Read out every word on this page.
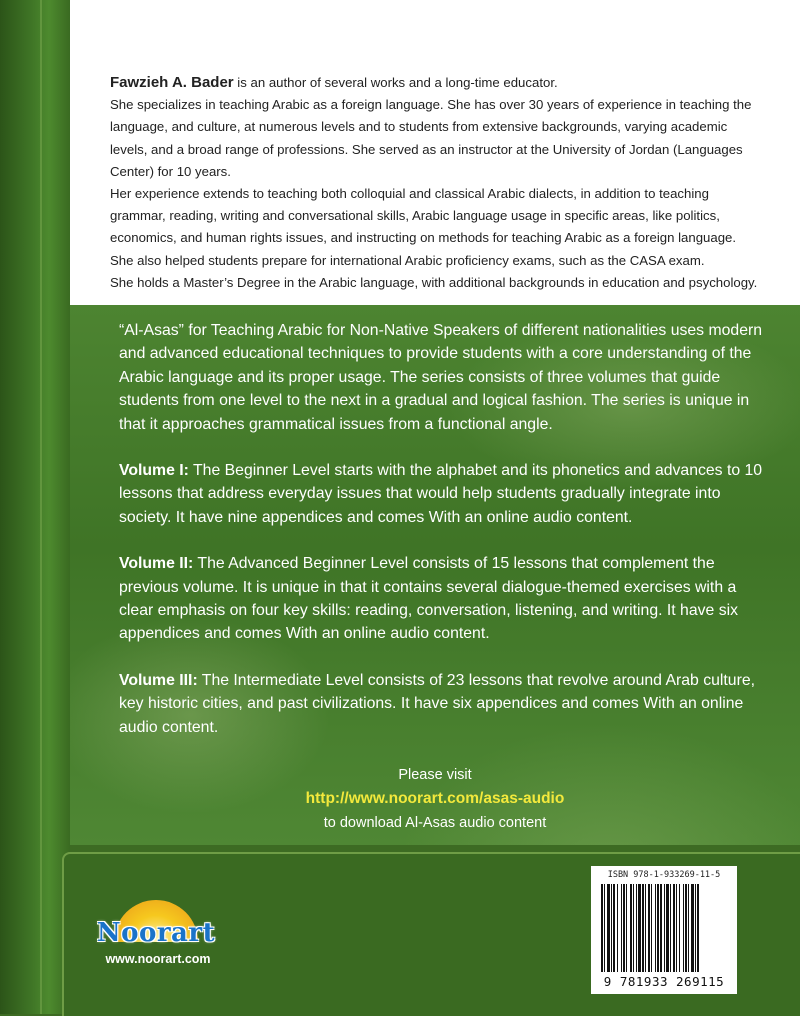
Fawzieh A. Bader is an author of several works and a long-time educator.

She specializes in teaching Arabic as a foreign language. She has over 30 years of experience in teaching the language, and culture, at numerous levels and to students from extensive backgrounds, varying academic levels, and a broad range of professions. She served as an instructor at the University of Jordan (Languages Center) for 10 years.

Her experience extends to teaching both colloquial and classical Arabic dialects, in addition to teaching grammar, reading, writing and conversational skills, Arabic language usage in specific areas, like politics, economics, and human rights issues, and instructing on methods for teaching Arabic as a foreign language.

She also helped students prepare for international Arabic proficiency exams, such as the CASA exam.

She holds a Master’s Degree in the Arabic language, with additional backgrounds in education and psychology.

“Al-Asas” for Teaching Arabic for Non-Native Speakers of different nationalities uses modern and advanced educational techniques to provide students with a core understanding of the Arabic language and its proper usage. The series consists of three volumes that guide students from one level to the next in a gradual and logical fashion. The series is unique in that it approaches grammatical issues from a functional angle.

Volume I: The Beginner Level starts with the alphabet and its phonetics and advances to 10 lessons that address everyday issues that would help students gradually integrate into society. It have nine appendices and comes With an online audio content.

Volume II: The Advanced Beginner Level consists of 15 lessons that complement the previous volume. It is unique in that it contains several dialogue-themed exercises with a clear emphasis on four key skills: reading, conversation, listening, and writing. It have six appendices and comes With an online audio content.

Volume III: The Intermediate Level consists of 23 lessons that revolve around Arab culture, key historic cities, and past civilizations. It have six appendices and comes With an online audio content.

Please visit
http://www.noorart.com/asas-audio
to download Al-Asas audio content
Noorart
www.noorart.com
ISBN 978-1-933269-11-5
9 781933 269115
